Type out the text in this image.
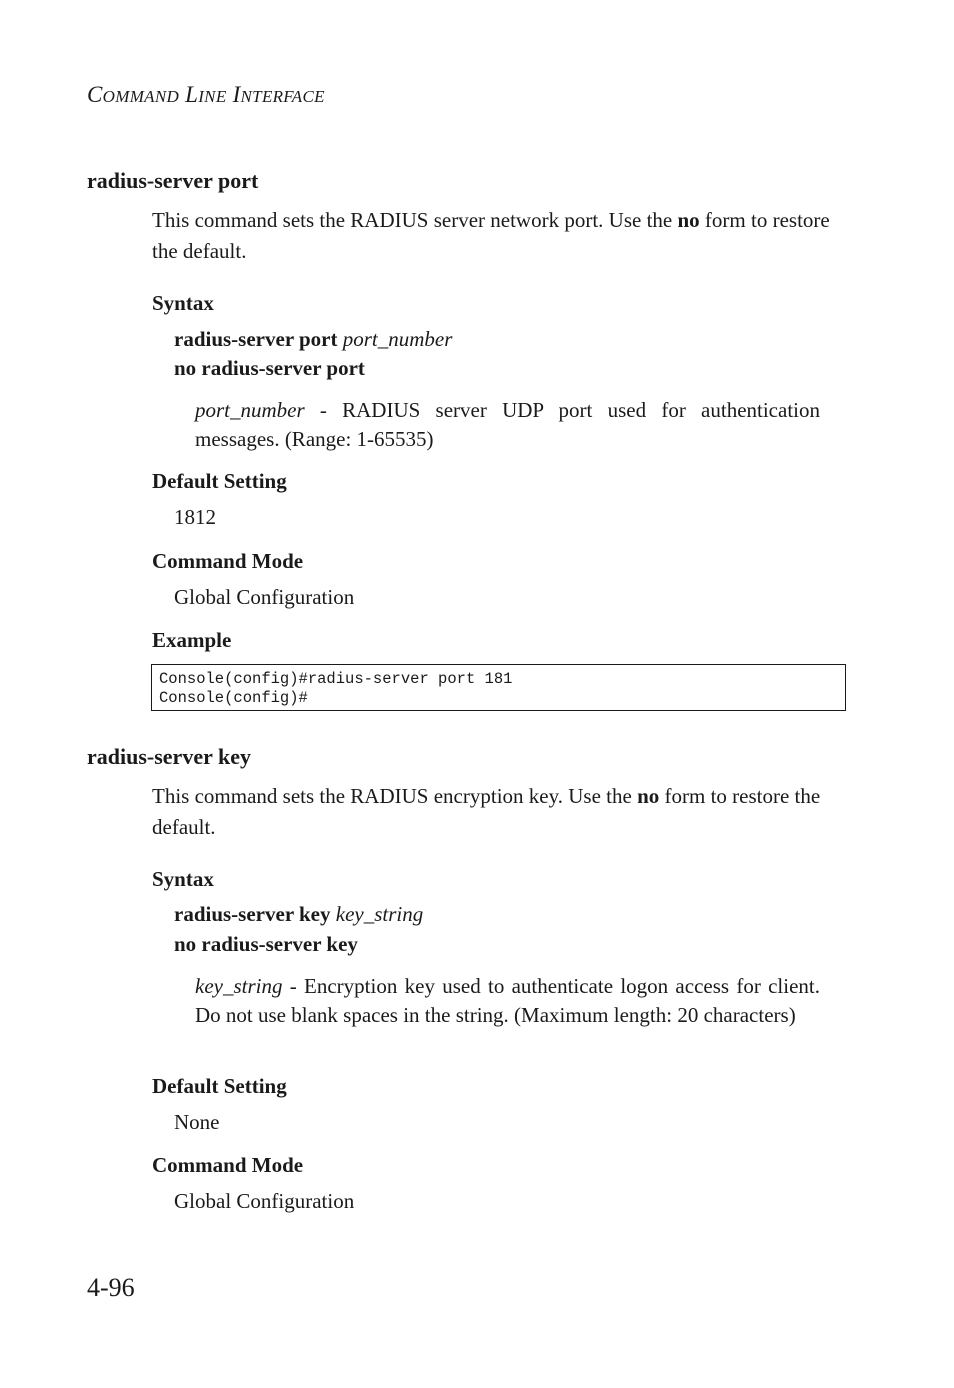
COMMAND LINE INTERFACE
radius-server port
This command sets the RADIUS server network port. Use the no form to restore the default.
Syntax
radius-server port port_number
no radius-server port
port_number - RADIUS server UDP port used for authentication messages. (Range: 1-65535)
Default Setting
1812
Command Mode
Global Configuration
Example
Console(config)#radius-server port 181
Console(config)#
radius-server key
This command sets the RADIUS encryption key. Use the no form to restore the default.
Syntax
radius-server key key_string
no radius-server key
key_string - Encryption key used to authenticate logon access for client. Do not use blank spaces in the string. (Maximum length: 20 characters)
Default Setting
None
Command Mode
Global Configuration
4-96
